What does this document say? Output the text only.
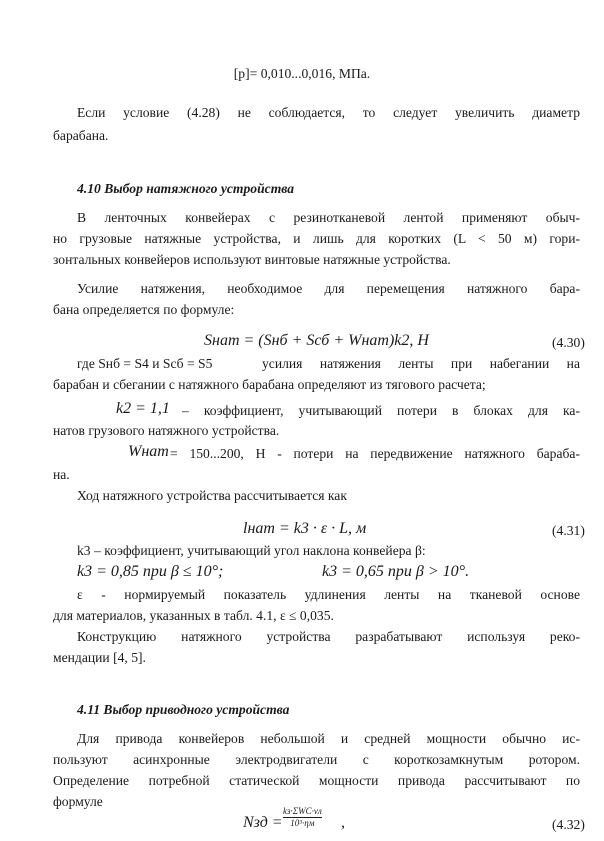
[p]= 0,010...0,016, МПа.
Если условие (4.28) не соблюдается, то следует увеличить диаметр
барабана.
4.10 Выбор натяжного устройства
В ленточных конвейерах с резинотканевой лентой применяют обыч-
но грузовые натяжные устройства, и лишь для коротких (L < 50 м) гори-
зонтальных конвейеров используют винтовые натяжные устройства.
Усилие натяжения, необходимое для перемещения натяжного бара-
бана определяется по формуле:
Sнат = (Sнб + Sсб + Wнат)k2, Н	(4.30)
где Sнб = S4 и Sсб = S5	усилия натяжения ленты при набегании на
барабан и сбегании с натяжного барабана определяют из тягового расчета;
k2 = 1,1 – коэффициент, учитывающий потери в блоках для ка-
натов грузового натяжного устройства.
Wнат = 150...200, Н - потери на передвижение натяжного бараба-
на.
Ход натяжного устройства рассчитывается как
lнат = k3 · ε · L, м	(4.31)
k3 – коэффициент, учитывающий угол наклона конвейера β:
k3 = 0,85 при β ≤ 10°;	k3 = 0,65 при β > 10°.
ε - нормируемый показатель удлинения ленты на тканевой основе
для материалов, указанных в табл. 4.1, ε ≤ 0,035.
Конструкцию натяжного устройства разрабатывают используя реко-
мендации [4, 5].
4.11 Выбор приводного устройства
Для привода конвейеров небольшой и средней мощности обычно ис-
пользуют асинхронные электродвигатели с короткозамкнутым ротором.
Определение потребной статической мощности привода рассчитывают по
формуле
Nзд =
kз·ΣWС·vл
10³·ηм	,	(4.32)
